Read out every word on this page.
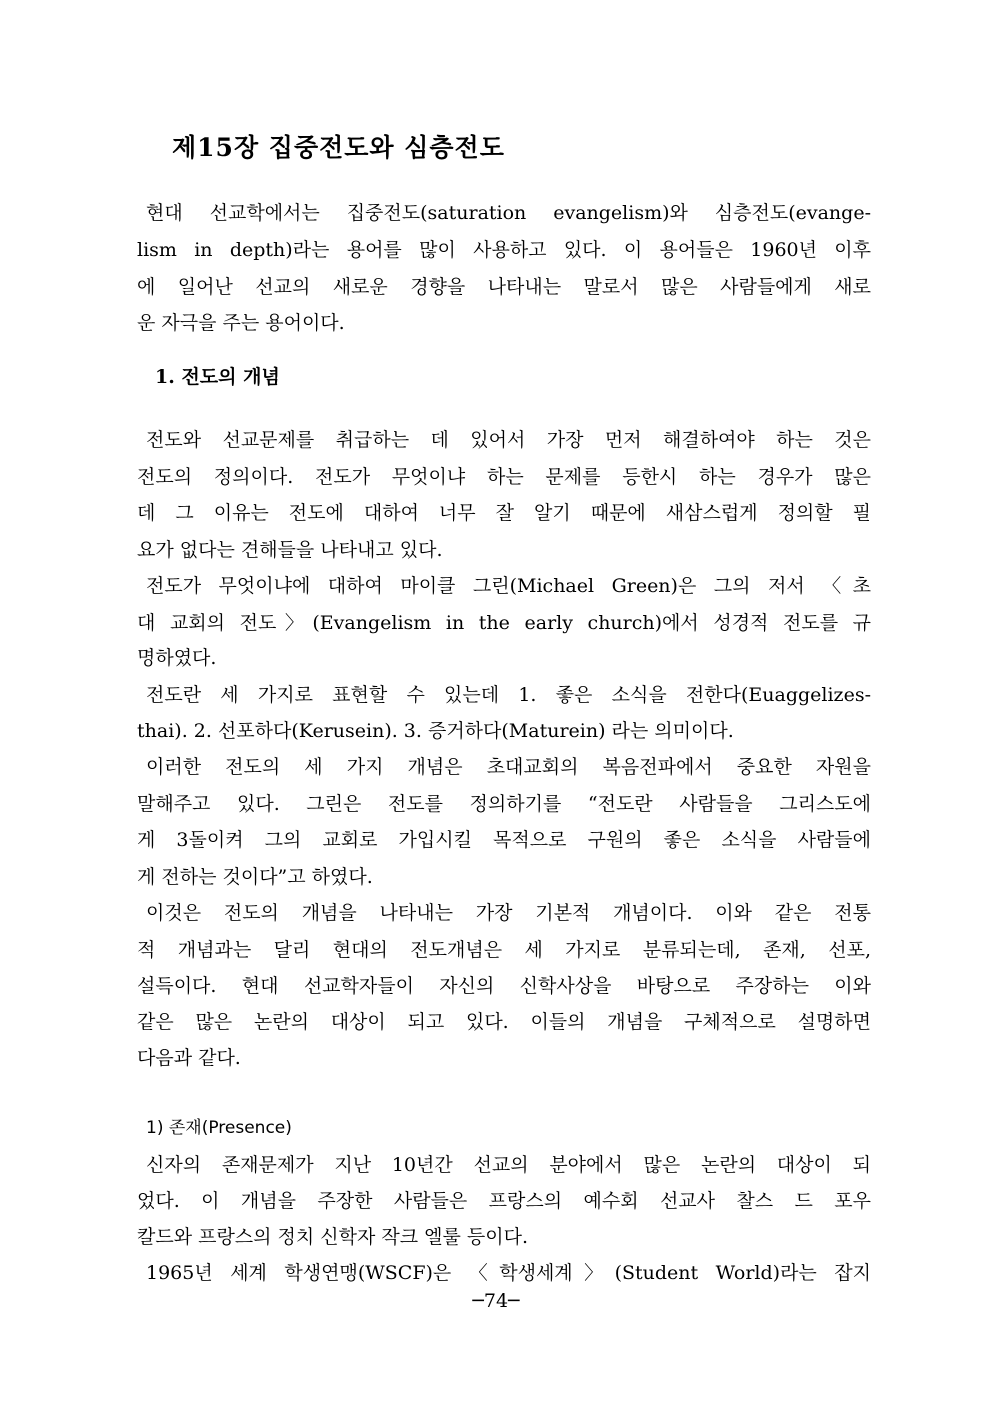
제15장 집중전도와 심층전도
현대 선교학에서는 집중전도(saturation evangelism)와 심층전도(evange-
lism in depth)라는 용어를 많이 사용하고 있다. 이 용어들은 1960년 이후
에 일어난 선교의 새로운 경향을 나타내는 말로서 많은 사람들에게 새로
운 자극을 주는 용어이다.
1. 전도의 개념
전도와 선교문제를 취급하는 데 있어서 가장 먼저 해결하여야 하는 것은
전도의 정의이다. 전도가 무엇이냐 하는 문제를 등한시 하는 경우가 많은
데 그 이유는 전도에 대하여 너무 잘 알기 때문에 새삼스럽게 정의할 필
요가 없다는 견해들을 나타내고 있다.
전도가 무엇이냐에 대하여 마이클 그린(Michael Green)은 그의 저서 〈초
대 교회의 전도〉(Evangelism in the early church)에서 성경적 전도를 규
명하였다.
전도란 세 가지로 표현할 수 있는데 1. 좋은 소식을 전한다(Euaggelizes-
thai). 2. 선포하다(Kerusein). 3. 증거하다(Maturein) 라는 의미이다.
이러한 전도의 세 가지 개념은 초대교회의 복음전파에서 중요한 자원을
말해주고 있다. 그린은 전도를 정의하기를 “전도란 사람들을 그리스도에
게 3돌이켜 그의 교회로 가입시킬 목적으로 구원의 좋은 소식을 사람들에
게 전하는 것이다”고 하였다.
이것은 전도의 개념을 나타내는 가장 기본적 개념이다. 이와 같은 전통
적 개념과는 달리 현대의 전도개념은 세 가지로 분류되는데, 존재, 선포,
설득이다. 현대 선교학자들이 자신의 신학사상을 바탕으로 주장하는 이와
같은 많은 논란의 대상이 되고 있다. 이들의 개념을 구체적으로 설명하면
다음과 같다.
1) 존재(Presence)
신자의 존재문제가 지난 10년간 선교의 분야에서 많은 논란의 대상이 되
었다. 이 개념을 주장한 사람들은 프랑스의 예수회 선교사 찰스 드 포우
칼드와 프랑스의 정치 신학자 작크 엘룰 등이다.
1965년 세계 학생연맹(WSCF)은 〈학생세계〉(Student World)라는 잡지
─74─
